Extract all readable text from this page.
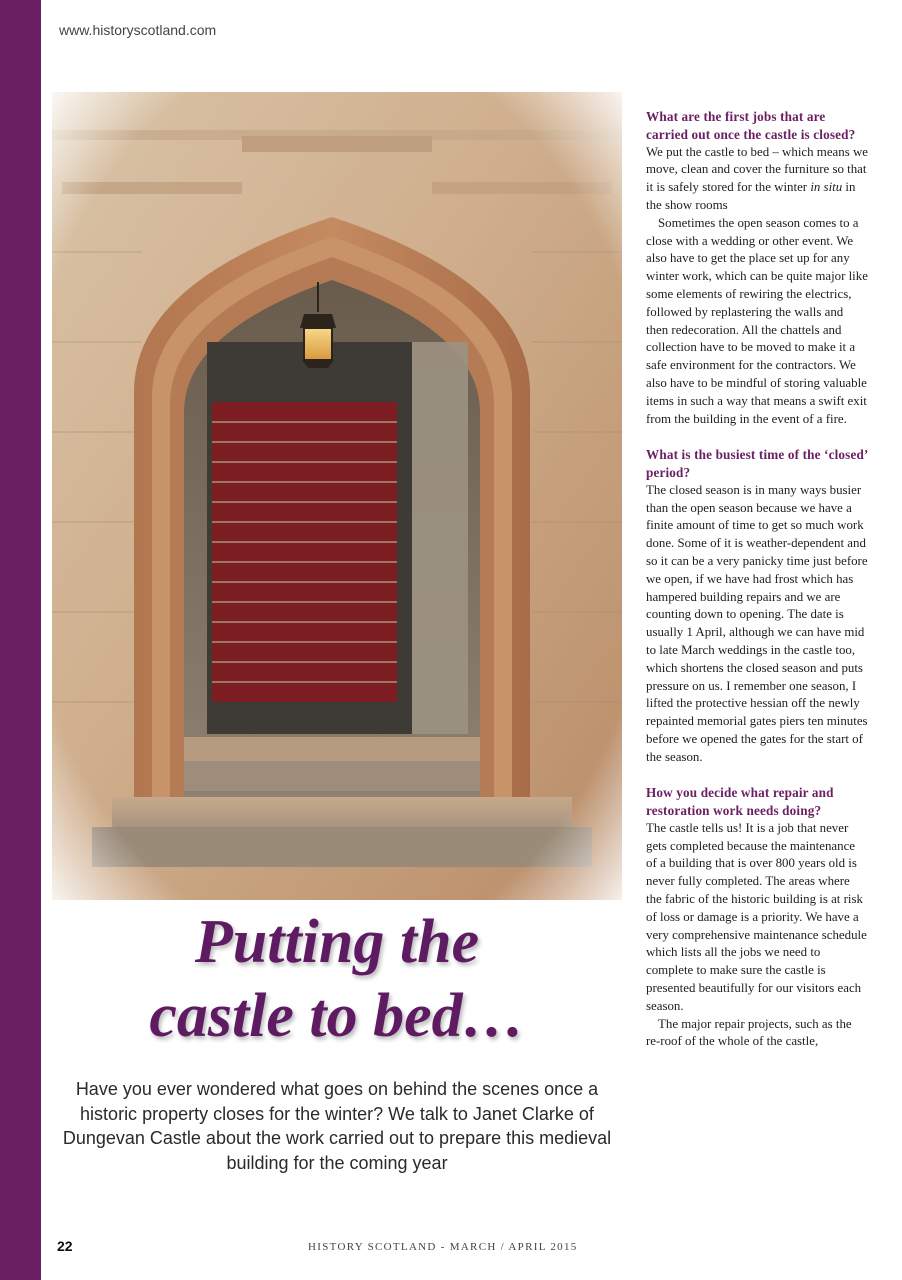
www.historyscotland.com
Putting the
castle to bed…
Have you ever wondered what goes on behind the scenes once a historic property closes for the winter? We talk to Janet Clarke of Dungevan Castle about the work carried out to prepare this medieval building for the coming year
What are the first jobs that are carried out once the castle is closed?

We put the castle to bed – which means we move, clean and cover the furniture so that it is safely stored for the winter in situ in the show rooms

Sometimes the open season comes to a close with a wedding or other event. We also have to get the place set up for any winter work, which can be quite major like some elements of rewiring the electrics, followed by replastering the walls and then redecoration. All the chattels and collection have to be moved to make it a safe environment for the contractors. We also have to be mindful of storing valuable items in such a way that means a swift exit from the building in the event of a fire.

What is the busiest time of the ‘closed’ period?

The closed season is in many ways busier than the open season because we have a finite amount of time to get so much work done. Some of it is weather-dependent and so it can be a very panicky time just before we open, if we have had frost which has hampered building repairs and we are counting down to opening. The date is usually 1 April, although we can have mid to late March weddings in the castle too, which shortens the closed season and puts pressure on us. I remember one season, I lifted the protective hessian off the newly repainted memorial gates piers ten minutes before we opened the gates for the start of the season.

How you decide what repair and restoration work needs doing?

The castle tells us! It is a job that never gets completed because the maintenance of a building that is over 800 years old is never fully completed. The areas where the fabric of the historic building is at risk of loss or damage is a priority. We have a very comprehensive maintenance schedule which lists all the jobs we need to complete to make sure the castle is presented beautifully for our visitors each season.

The major repair projects, such as the re-roof of the whole of the castle,

22	HISTORY SCOTLAND - MARCH / APRIL 2015
